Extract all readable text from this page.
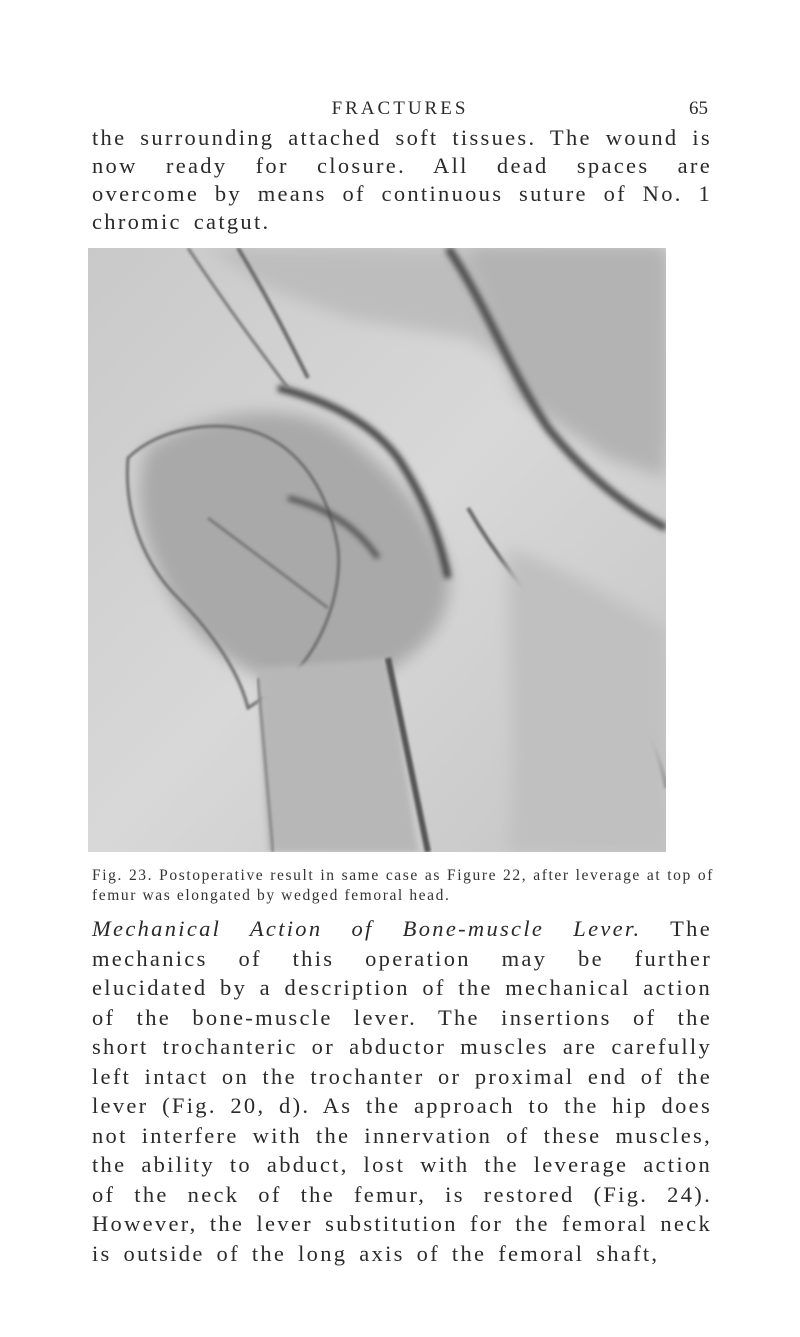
FRACTURES	65
the surrounding attached soft tissues. The wound is now ready for closure. All dead spaces are overcome by means of continuous suture of No. 1 chromic catgut.
Fig. 23. Postoperative result in same case as Figure 22, after leverage at top of femur was elongated by wedged femoral head.
Mechanical Action of Bone-muscle Lever. The mechanics of this operation may be further elucidated by a description of the mechanical action of the bone-muscle lever. The insertions of the short trochanteric or abductor muscles are carefully left intact on the trochanter or proximal end of the lever (Fig. 20, d). As the approach to the hip does not interfere with the innervation of these muscles, the ability to abduct, lost with the leverage action of the neck of the femur, is restored (Fig. 24). However, the lever substitution for the femoral neck is outside of the long axis of the femoral shaft,
